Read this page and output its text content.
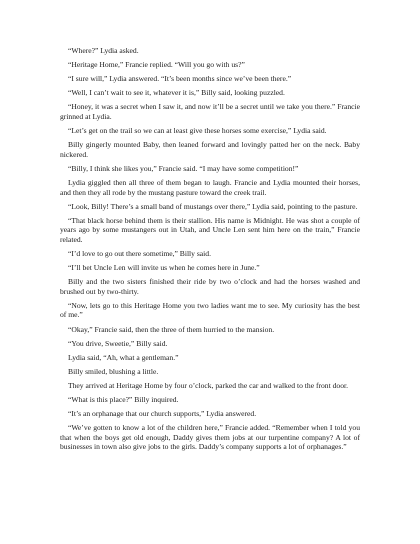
“Where?” Lydia asked.

“Heritage Home,” Francie replied. “Will you go with us?”

“I sure will,” Lydia answered. “It’s been months since we’ve been there.”

“Well, I can’t wait to see it, whatever it is,” Billy said, looking puzzled.

“Honey, it was a secret when I saw it, and now it’ll be a secret until we take you there.” Francie grinned at Lydia.

“Let’s get on the trail so we can at least give these horses some exercise,” Lydia said.

Billy gingerly mounted Baby, then leaned forward and lovingly patted her on the neck. Baby nickered.

“Billy, I think she likes you,” Francie said. “I may have some competition!”

Lydia giggled then all three of them began to laugh. Francie and Lydia mounted their horses, and then they all rode by the mustang pasture toward the creek trail.

“Look, Billy! There’s a small band of mustangs over there,” Lydia said, pointing to the pasture.

“That black horse behind them is their stallion. His name is Midnight. He was shot a couple of years ago by some mustangers out in Utah, and Uncle Len sent him here on the train,” Francie related.

“I’d love to go out there sometime,” Billy said.

“I’ll bet Uncle Len will invite us when he comes here in June.”

Billy and the two sisters finished their ride by two o’clock and had the horses washed and brushed out by two-thirty.

“Now, lets go to this Heritage Home you two ladies want me to see. My curiosity has the best of me.”

“Okay,” Francie said, then the three of them hurried to the mansion.

“You drive, Sweetie,” Billy said.

Lydia said, “Ah, what a gentleman.”

Billy smiled, blushing a little.

They arrived at Heritage Home by four o’clock, parked the car and walked to the front door.

“What is this place?” Billy inquired.

“It’s an orphanage that our church supports,” Lydia answered.

“We’ve gotten to know a lot of the children here,” Francie added. “Remember when I told you that when the boys get old enough, Daddy gives them jobs at our turpentine company? A lot of businesses in town also give jobs to the girls. Daddy’s company supports a lot of orphanages.”
